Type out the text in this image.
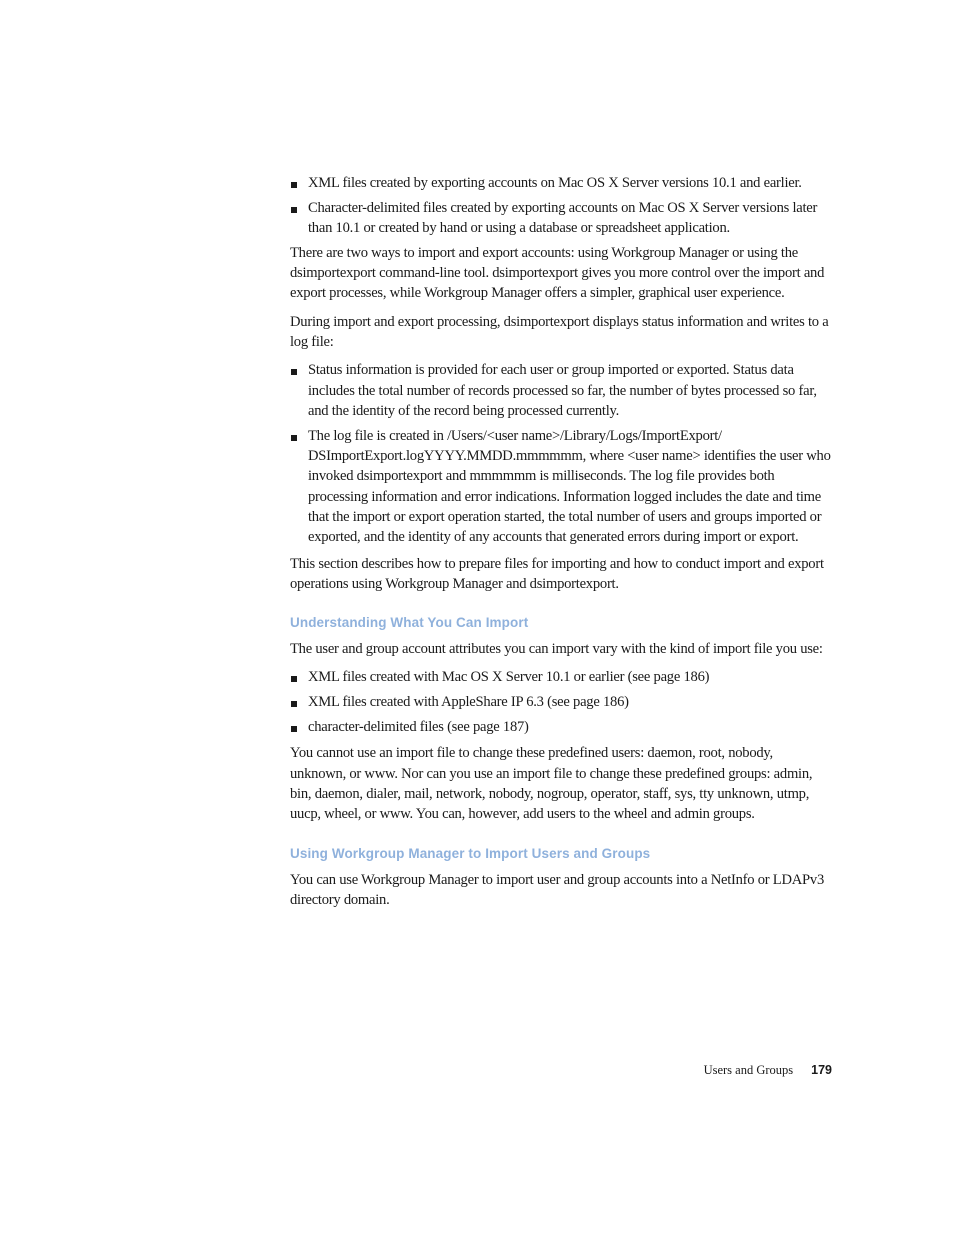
XML files created by exporting accounts on Mac OS X Server versions 10.1 and earlier.
Character-delimited files created by exporting accounts on Mac OS X Server versions later than 10.1 or created by hand or using a database or spreadsheet application.

There are two ways to import and export accounts: using Workgroup Manager or using the dsimportexport command-line tool. dsimportexport gives you more control over the import and export processes, while Workgroup Manager offers a simpler, graphical user experience.

During import and export processing, dsimportexport displays status information and writes to a log file:

Status information is provided for each user or group imported or exported. Status data includes the total number of records processed so far, the number of bytes processed so far, and the identity of the record being processed currently.
The log file is created in /Users/<user name>/Library/Logs/ImportExport/ DSImportExport.logYYYY.MMDD.mmmmmm, where <user name> identifies the user who invoked dsimportexport and mmmmmm is milliseconds. The log file provides both processing information and error indications. Information logged includes the date and time that the import or export operation started, the total number of users and groups imported or exported, and the identity of any accounts that generated errors during import or export.

This section describes how to prepare files for importing and how to conduct import and export operations using Workgroup Manager and dsimportexport.

Understanding What You Can Import

The user and group account attributes you can import vary with the kind of import file you use:

XML files created with Mac OS X Server 10.1 or earlier (see page 186)
XML files created with AppleShare IP 6.3 (see page 186)
character-delimited files (see page 187)

You cannot use an import file to change these predefined users: daemon, root, nobody, unknown, or www. Nor can you use an import file to change these predefined groups: admin, bin, daemon, dialer, mail, network, nobody, nogroup, operator, staff, sys, tty unknown, utmp, uucp, wheel, or www. You can, however, add users to the wheel and admin groups.

Using Workgroup Manager to Import Users and Groups

You can use Workgroup Manager to import user and group accounts into a NetInfo or LDAPv3 directory domain.

Users and Groups 179
